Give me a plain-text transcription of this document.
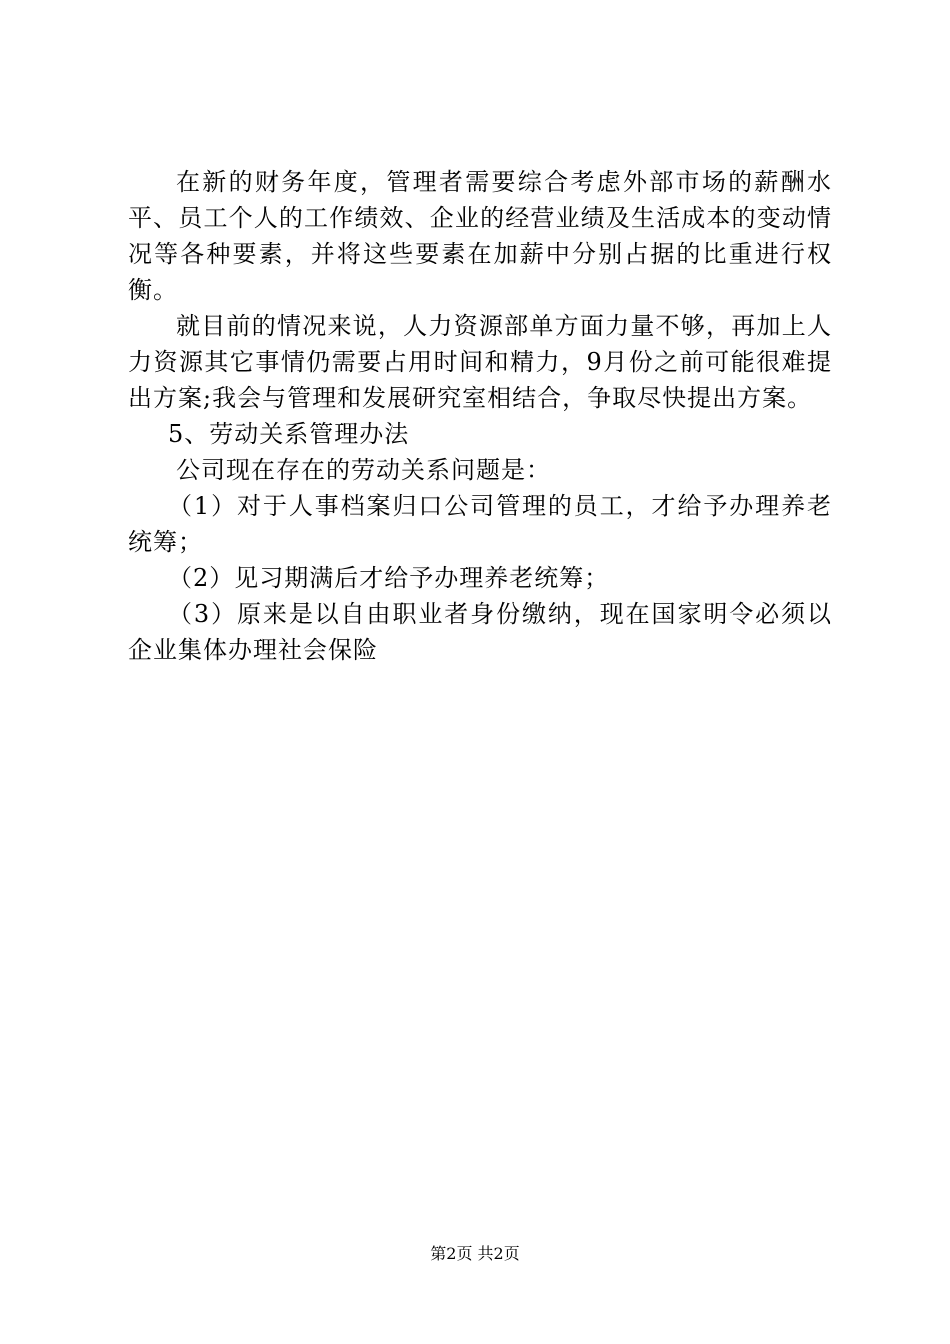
在新的财务年度，管理者需要综合考虑外部市场的薪酬水平、员工个人的工作绩效、企业的经营业绩及生活成本的变动情况等各种要素，并将这些要素在加薪中分别占据的比重进行权衡。

就目前的情况来说，人力资源部单方面力量不够，再加上人力资源其它事情仍需要占用时间和精力，9月份之前可能很难提出方案;我会与管理和发展研究室相结合，争取尽快提出方案。

5、劳动关系管理办法

公司现在存在的劳动关系问题是：

（1）对于人事档案归口公司管理的员工，才给予办理养老统筹；

（2）见习期满后才给予办理养老统筹；

（3）原来是以自由职业者身份缴纳，现在国家明令必须以企业集体办理社会保险

第2页 共2页
